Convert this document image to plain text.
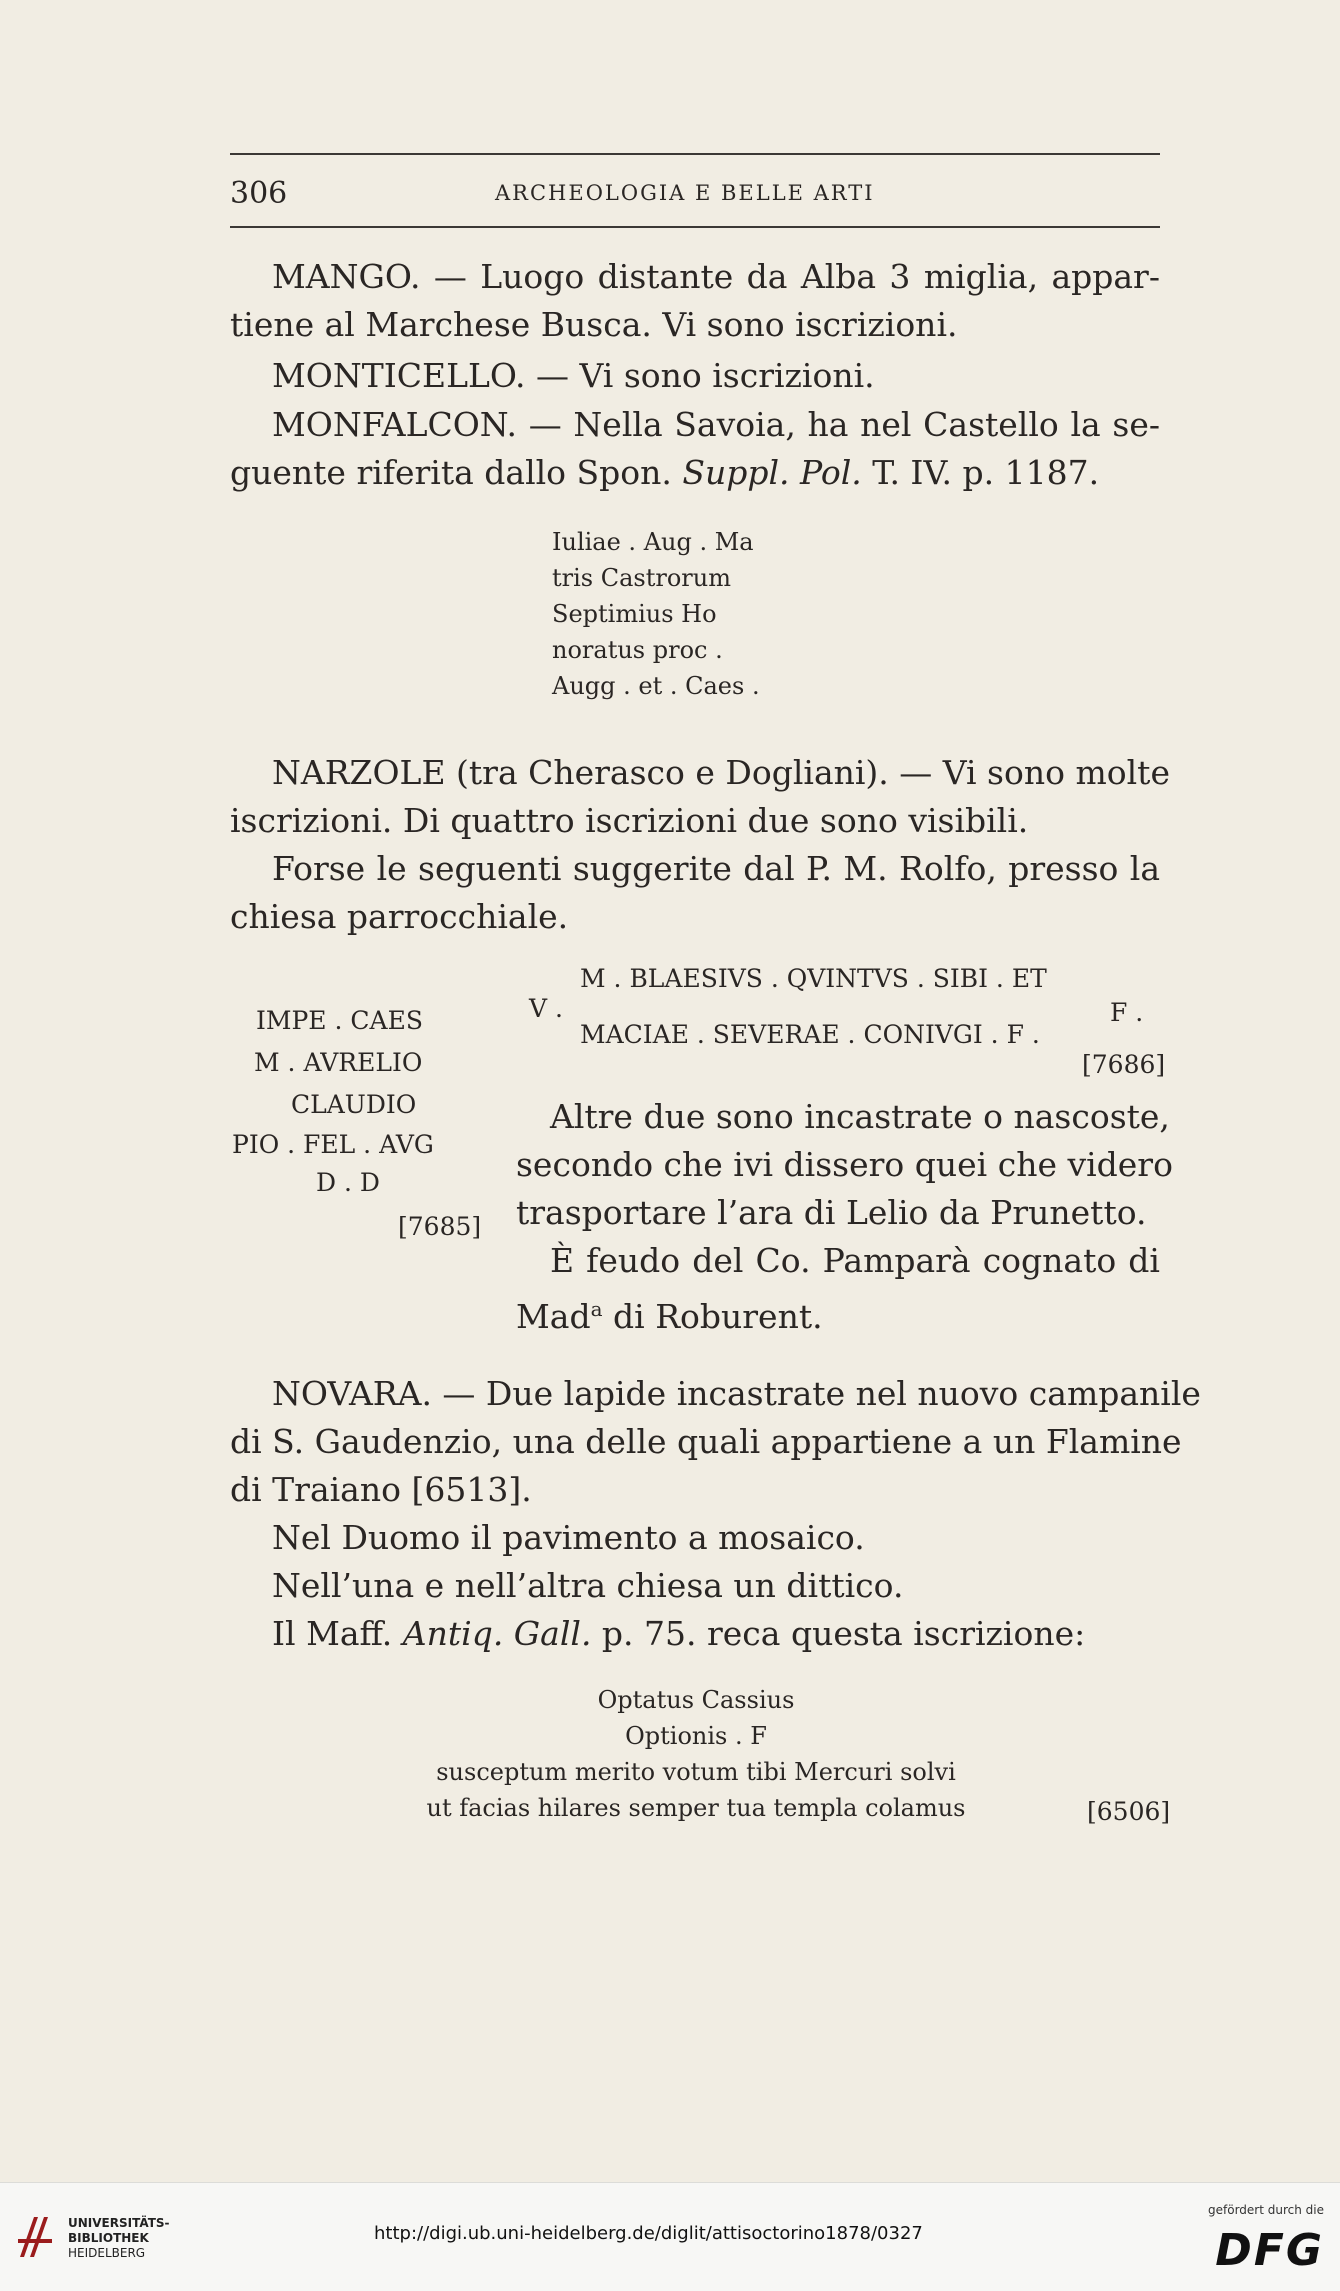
306	ARCHEOLOGIA E BELLE ARTI
MANGO. — Luogo distante da Alba 3 miglia, appar-
tiene al Marchese Busca. Vi sono iscrizioni.
MONTICELLO. — Vi sono iscrizioni.
MONFALCON. — Nella Savoia, ha nel Castello la se-
guente riferita dallo Spon. Suppl. Pol. T. IV. p. 1187.
Iuliae . Aug . Ma
tris Castrorum
Septimius Ho
noratus proc .
Augg . et . Caes .
NARZOLE (tra Cherasco e Dogliani). — Vi sono molte
iscrizioni. Di quattro iscrizioni due sono visibili.
Forse le seguenti suggerite dal P. M. Rolfo, presso la
chiesa parrocchiale.
IMPE . CAES
M . AVRELIO
CLAUDIO
PIO . FEL . AVG
D . D
[7685]
M . BLAESIVS . QVINTVS . SIBI . ET
V .	F .
MACIAE . SEVERAE . CONIVGI . F .
[7686]
Altre due sono incastrate o nascoste,
secondo che ivi dissero quei che videro
trasportare l’ara di Lelio da Prunetto.
È feudo del Co. Pamparà cognato di
Mad$^a$ di Roburent.
NOVARA. — Due lapide incastrate nel nuovo campanile
di S. Gaudenzio, una delle quali appartiene a un Flamine
di Traiano [6513].
Nel Duomo il pavimento a mosaico.
Nell’una e nell’altra chiesa un dittico.
Il Maff. Antiq. Gall. p. 75. reca questa iscrizione:
Optatus Cassius
Optionis . F
susceptum merito votum tibi Mercuri solvi
ut facias hilares semper tua templa colamus	[6506]
UNIVERSITÄTS-
BIBLIOTHEK
HEIDELBERG
http://digi.ub.uni-heidelberg.de/diglit/attisoctorino1878/0327
gefördert durch die
DFG
